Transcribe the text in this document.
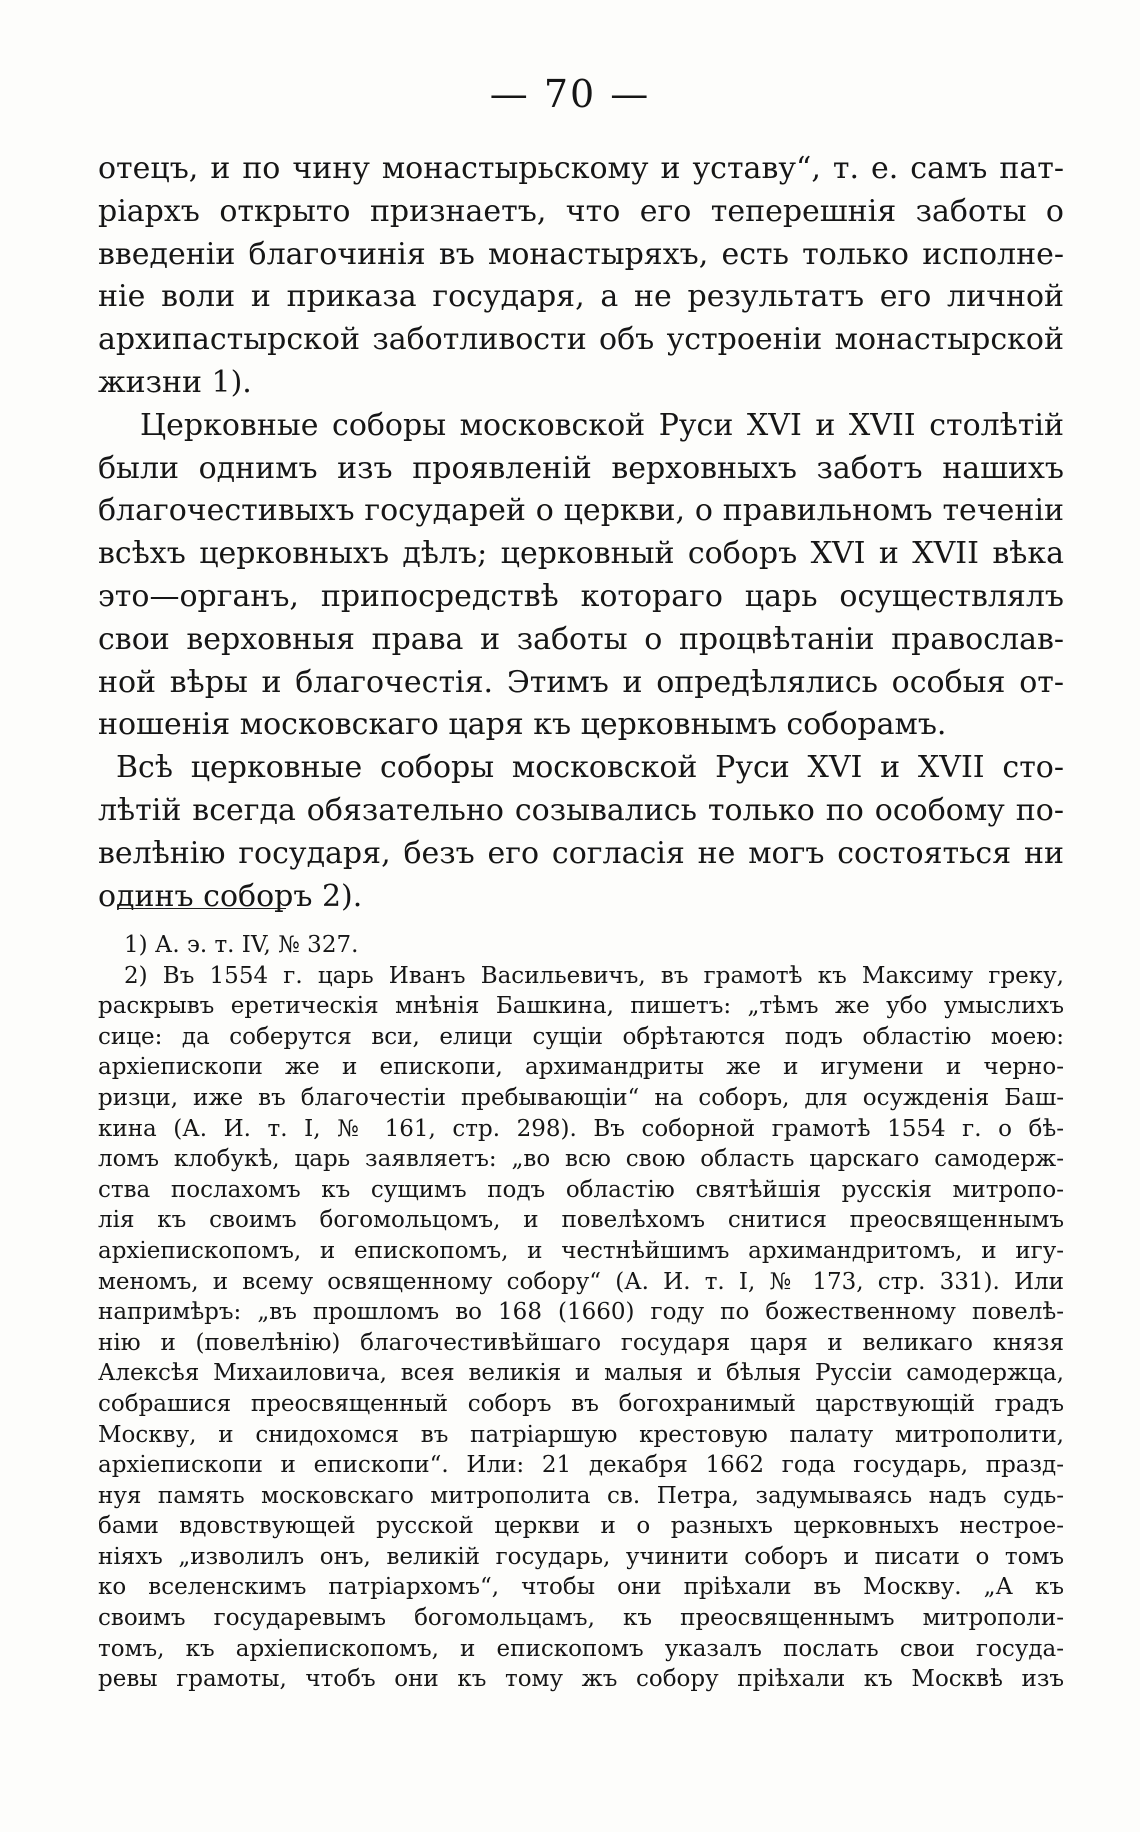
— 70 —
отецъ, и по чину монастырьскому и уставу“, т. е. самъ пат-
ріархъ открыто признаетъ, что его теперешнія заботы о
введеніи благочинія въ монастыряхъ, есть только исполне-
ніе воли и приказа государя, а не результатъ его личной
архипастырской заботливости объ устроеніи монастырской
жизни 1).
Церковные соборы московской Руси XVI и XVII столѣтій
были однимъ изъ проявленій верховныхъ заботъ нашихъ
благочестивыхъ государей о церкви, о правильномъ теченіи
всѣхъ церковныхъ дѣлъ; церковный соборъ XVI и XVII вѣка
это—органъ, припосредствѣ котораго царь осуществлялъ
свои верховныя права и заботы о процвѣтаніи православ-
ной вѣры и благочестія. Этимъ и опредѣлялись особыя от-
ношенія московскаго царя къ церковнымъ соборамъ.
Всѣ церковные соборы московской Руси XVI и XVII сто-
лѣтій всегда обязательно созывались только по особому по-
велѣнію государя, безъ его согласія не могъ состояться ни
одинъ соборъ 2).
1) А. э. т. IV, № 327.
2) Въ 1554 г. царь Иванъ Васильевичъ, въ грамотѣ къ Максиму греку,
раскрывъ еретическія мнѣнія Башкина, пишетъ: „тѣмъ же убо умыслихъ
сице: да соберутся вси, елици сущіи обрѣтаются подъ областію моею:
архіепископи же и епископи, архимандриты же и игумени и черно-
ризци, иже въ благочестіи пребывающіи“ на соборъ, для осужденія Баш-
кина (А. И. т. I, № 161, стр. 298). Въ соборной грамотѣ 1554 г. о бѣ-
ломъ клобукѣ, царь заявляетъ: „во всю свою область царскаго самодерж-
ства послахомъ къ сущимъ подъ областію святѣйшія русскія митропо-
лія къ своимъ богомольцомъ, и повелѣхомъ снитися преосвященнымъ
архіепископомъ, и епископомъ, и честнѣйшимъ архимандритомъ, и игу-
меномъ, и всему освященному собору“ (А. И. т. I, № 173, стр. 331). Или
напримѣръ: „въ прошломъ во 168 (1660) году по божественному повелѣ-
нію и (повелѣнію) благочестивѣйшаго государя царя и великаго князя
Алексѣя Михаиловича, всея великія и малыя и бѣлыя Руссіи самодержца,
собрашися преосвященный соборъ въ богохранимый царствующій градъ
Москву, и снидохомся въ патріаршую крестовую палату митрополити,
архіепископи и епископи“. Или: 21 декабря 1662 года государь, празд-
нуя память московскаго митрополита св. Петра, задумываясь надъ судь-
бами вдовствующей русской церкви и о разныхъ церковныхъ нестрое-
ніяхъ „изволилъ онъ, великій государь, учинити соборъ и писати о томъ
ко вселенскимъ патріархомъ“, чтобы они пріѣхали въ Москву. „А къ
своимъ государевымъ богомольцамъ, къ преосвященнымъ митрополи-
томъ, къ архіепископомъ, и епископомъ указалъ послать свои госуда-
ревы грамоты, чтобъ они къ тому жъ собору пріѣхали къ Москвѣ изъ
